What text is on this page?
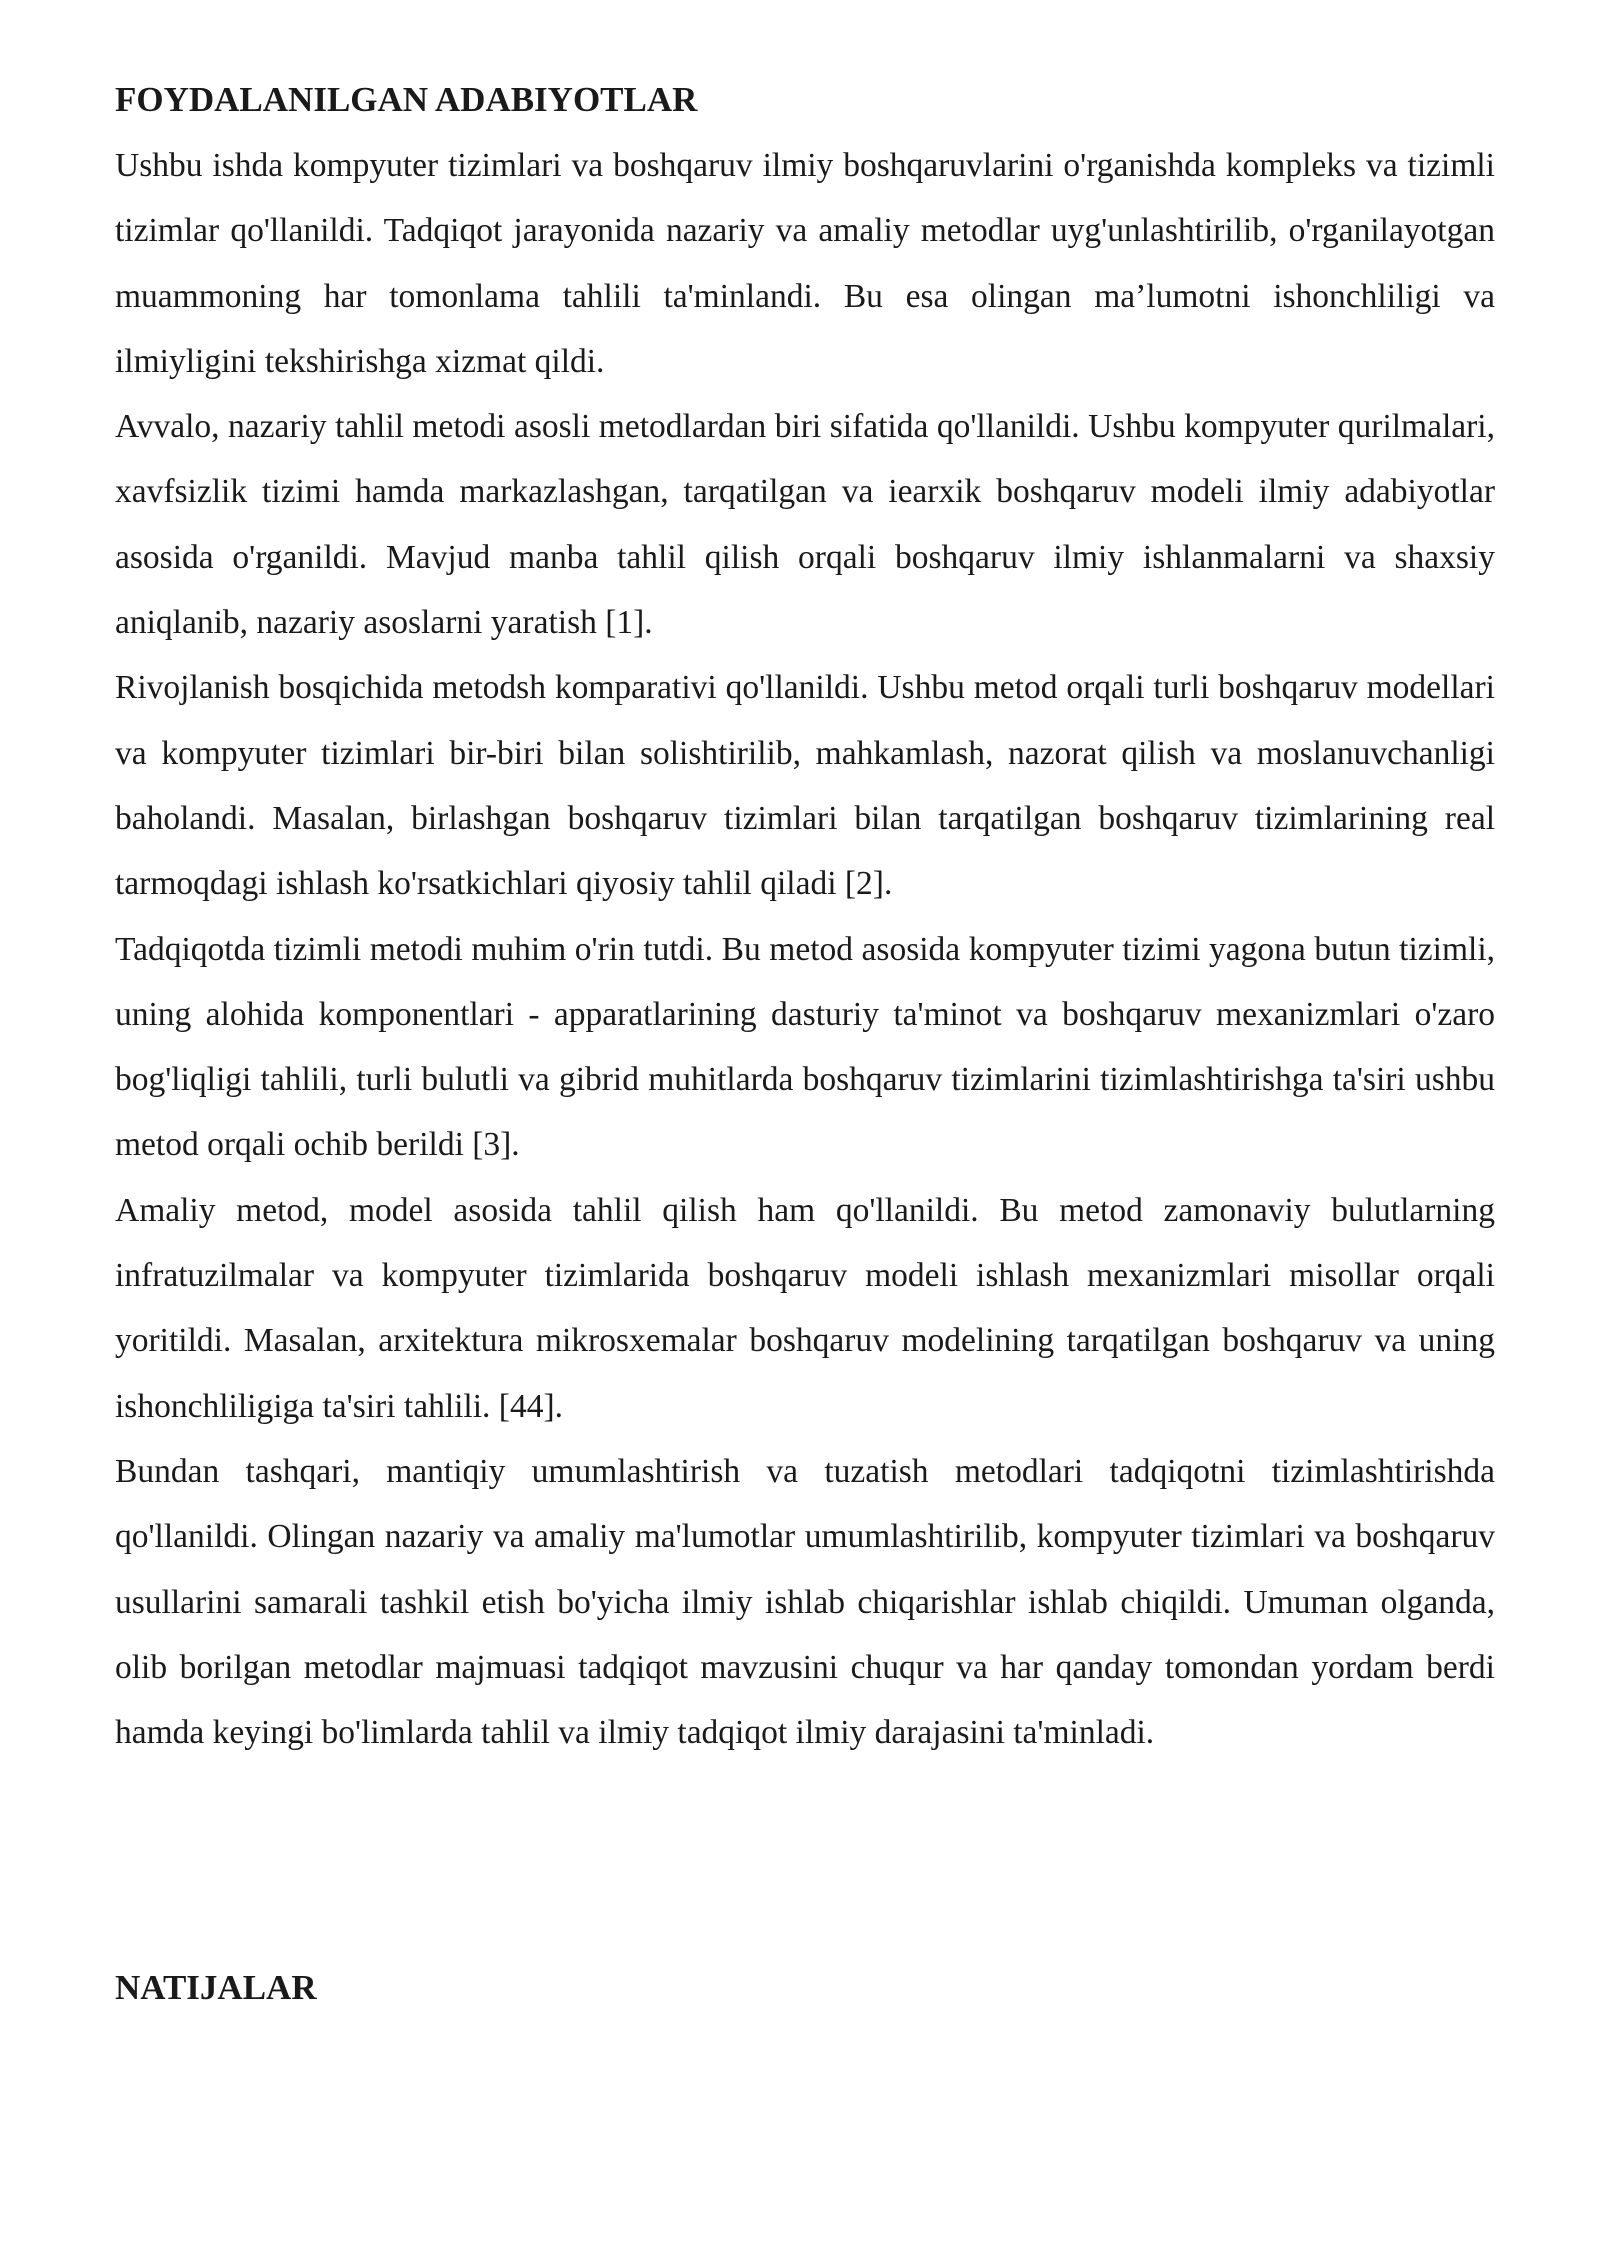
FOYDALANILGAN ADABIYOTLAR

Ushbu ishda kompyuter tizimlari va boshqaruv ilmiy boshqaruvlarini o'rganishda kompleks va tizimli tizimlar qo'llanildi. Tadqiqot jarayonida nazariy va amaliy metodlar uyg'unlashtirilib, o'rganilayotgan muammoning har tomonlama tahlili ta'minlandi. Bu esa olingan ma’lumotni ishonchliligi va ilmiyligini tekshirishga xizmat qildi.

Avvalo, nazariy tahlil metodi asosli metodlardan biri sifatida qo'llanildi. Ushbu kompyuter qurilmalari, xavfsizlik tizimi hamda markazlashgan, tarqatilgan va iearxik boshqaruv modeli ilmiy adabiyotlar asosida o'rganildi. Mavjud manba tahlil qilish orqali boshqaruv ilmiy ishlanmalarni va shaxsiy aniqlanib, nazariy asoslarni yaratish [1].

Rivojlanish bosqichida metodsh komparativi qo'llanildi. Ushbu metod orqali turli boshqaruv modellari va kompyuter tizimlari bir-biri bilan solishtirilib, mahkamlash, nazorat qilish va moslanuvchanligi baholandi. Masalan, birlashgan boshqaruv tizimlari bilan tarqatilgan boshqaruv tizimlarining real tarmoqdagi ishlash ko'rsatkichlari qiyosiy tahlil qiladi [2].

Tadqiqotda tizimli metodi muhim o'rin tutdi. Bu metod asosida kompyuter tizimi yagona butun tizimli, uning alohida komponentlari - apparatlarining dasturiy ta'minot va boshqaruv mexanizmlari o'zaro bog'liqligi tahlili, turli bulutli va gibrid muhitlarda boshqaruv tizimlarini tizimlashtirishga ta'siri ushbu metod orqali ochib berildi [3].

Amaliy metod, model asosida tahlil qilish ham qo'llanildi. Bu metod zamonaviy bulutlarning infratuzilmalar va kompyuter tizimlarida boshqaruv modeli ishlash mexanizmlari misollar orqali yoritildi. Masalan, arxitektura mikrosxemalar boshqaruv modelining tarqatilgan boshqaruv va uning ishonchliligiga ta'siri tahlili. [44].

Bundan tashqari, mantiqiy umumlashtirish va tuzatish metodlari tadqiqotni tizimlashtirishda qo'llanildi. Olingan nazariy va amaliy ma'lumotlar umumlashtirilib, kompyuter tizimlari va boshqaruv usullarini samarali tashkil etish bo'yicha ilmiy ishlab chiqarishlar ishlab chiqildi. Umuman olganda, olib borilgan metodlar majmuasi tadqiqot mavzusini chuqur va har qanday tomondan yordam berdi hamda keyingi bo'limlarda tahlil va ilmiy tadqiqot ilmiy darajasini ta'minladi.

NATIJALAR
